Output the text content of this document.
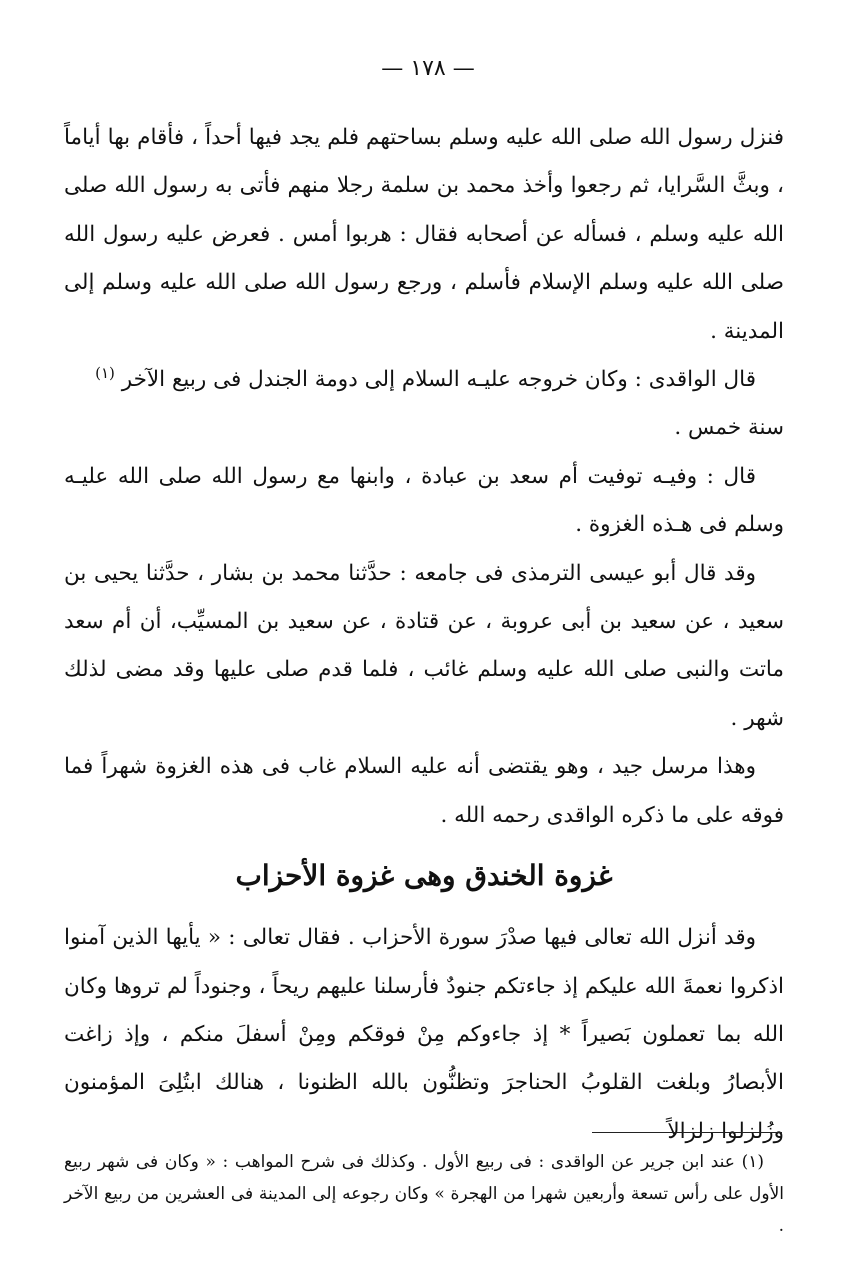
— ١٧٨ —

فنزل رسول الله صلى الله عليه وسلم بساحتهم فلم يجد فيها أحداً ، فأقام بها أياماً ، وبثَّ السَّرايا، ثم رجعوا وأخذ محمد بن سلمة رجلا منهم فأتى به رسول الله صلى الله عليه وسلم ، فسأله عن أصحابه فقال : هربوا أمس . فعرض عليه رسول الله صلى الله عليه وسلم الإسلام فأسلم ، ورجع رسول الله صلى الله عليه وسلم إلى المدينة .

قال الواقدى : وكان خروجه عليـه السلام إلى دومة الجندل فى ربيع الآخر $^{(١)}$

سنة خمس .

قال : وفيـه توفيت أم سعد بن عبادة ، وابنها مع رسول الله صلى الله عليـه وسلم فى هـذه الغزوة .

وقد قال أبو عيسى الترمذى فى جامعه : حدَّثنا محمد بن بشار ، حدَّثنا يحيى بن سعيد ، عن سعيد بن أبى عروبة ، عن قتادة ، عن سعيد بن المسيِّب، أن أم سعد ماتت والنبى صلى الله عليه وسلم غائب ، فلما قدم صلى عليها وقد مضى لذلك شهر .

وهذا مرسل جيد ، وهو يقتضى أنه عليه السلام غاب فى هذه الغزوة شهراً فما فوقه على ما ذكره الواقدى رحمه الله .

غزوة الخندق وهى غزوة الأحزاب

وقد أنزل الله تعالى فيها صدْرَ سورة الأحزاب . فقال تعالى : « يأيها الذين آمنوا اذكروا نعمةَ الله عليكم إذ جاءتكم جنودٌ فأرسلنا عليهم ريحاً ، وجنوداً لم تروها وكان الله بما تعملون بَصيراً * إذ جاءوكم مِنْ فوقكم ومِنْ أسفلَ منكم ، وإذ زاغت الأبصارُ وبلغت القلوبُ الحناجرَ وتظنُّون بالله الظنونا ، هنالك ابتُلِىَ المؤمنون وزُلزلوا زلزالاً

(١) عند ابن جرير عن الواقدى : فى ربيع الأول . وكذلك فى شرح المواهب : « وكان فى شهر ربيع الأول على رأس تسعة وأربعين شهرا من الهجرة » وكان رجوعه إلى المدينة فى العشرين من ربيع الآخر .
